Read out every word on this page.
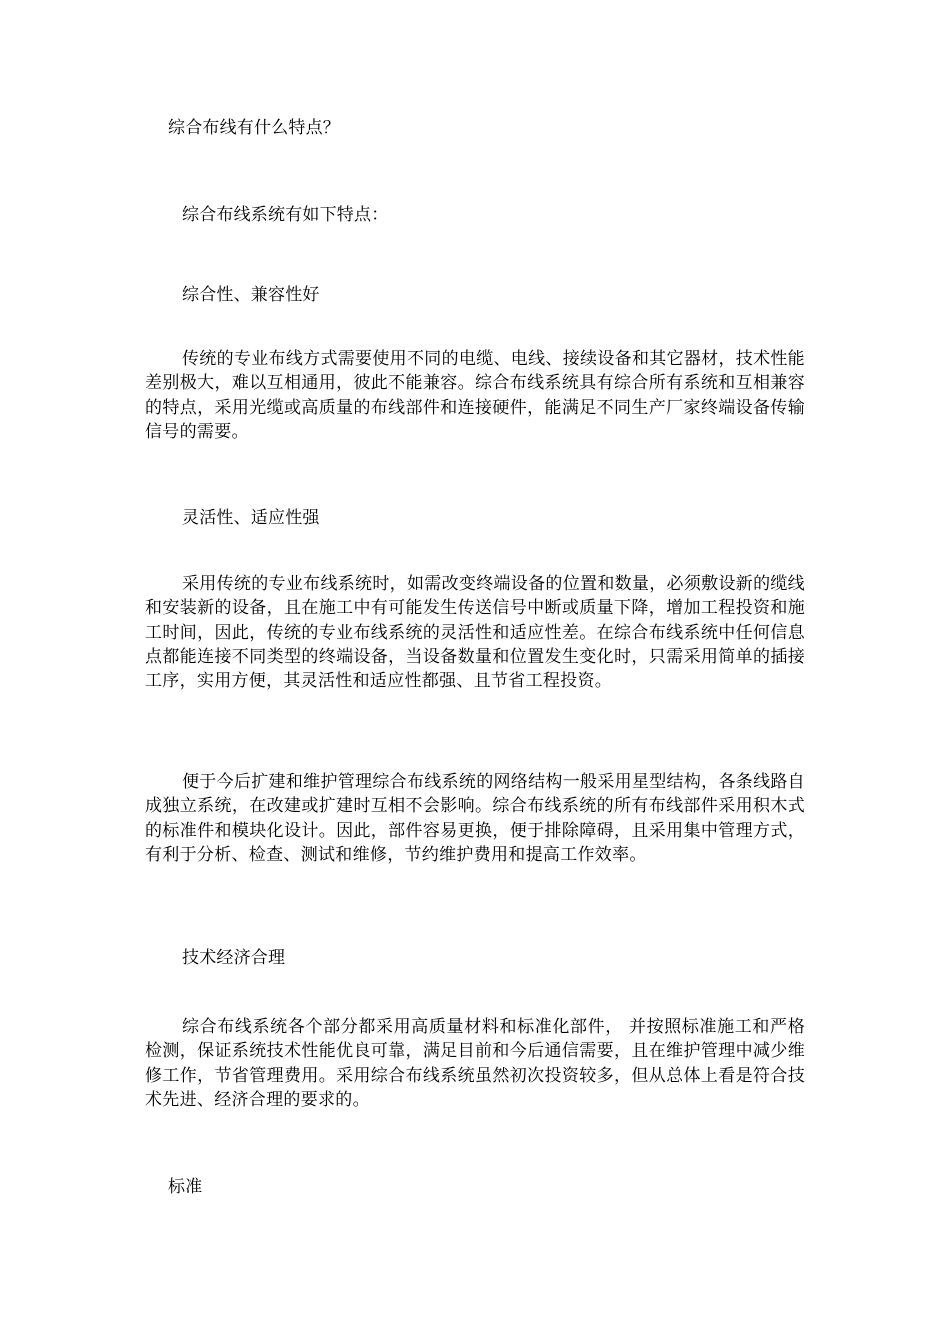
综合布线有什么特点？
综合布线系统有如下特点：
综合性、兼容性好

传统的专业布线方式需要使用不同的电缆、电线、接续设备和其它器材，技术性能差别极大，难以互相通用，彼此不能兼容。综合布线系统具有综合所有系统和互相兼容的特点，采用光缆或高质量的布线部件和连接硬件，能满足不同生产厂家终端设备传输信号的需要。

灵活性、适应性强

采用传统的专业布线系统时，如需改变终端设备的位置和数量，必须敷设新的缆线和安装新的设备，且在施工中有可能发生传送信号中断或质量下降，增加工程投资和施工时间，因此，传统的专业布线系统的灵活性和适应性差。在综合布线系统中任何信息点都能连接不同类型的终端设备，当设备数量和位置发生变化时，只需采用简单的插接工序，实用方便，其灵活性和适应性都强、且节省工程投资。

便于今后扩建和维护管理综合布线系统的网络结构一般采用星型结构，各条线路自成独立系统，在改建或扩建时互相不会影响。综合布线系统的所有布线部件采用积木式的标准件和模块化设计。因此，部件容易更换，便于排除障碍，且采用集中管理方式，有利于分析、检查、测试和维修，节约维护费用和提高工作效率。

技术经济合理

综合布线系统各个部分都采用高质量材料和标准化部件， 并按照标准施工和严格检测，保证系统技术性能优良可靠，满足目前和今后通信需要，且在维护管理中减少维修工作，节省管理费用。采用综合布线系统虽然初次投资较多，但从总体上看是符合技术先进、经济合理的要求的。

标准
